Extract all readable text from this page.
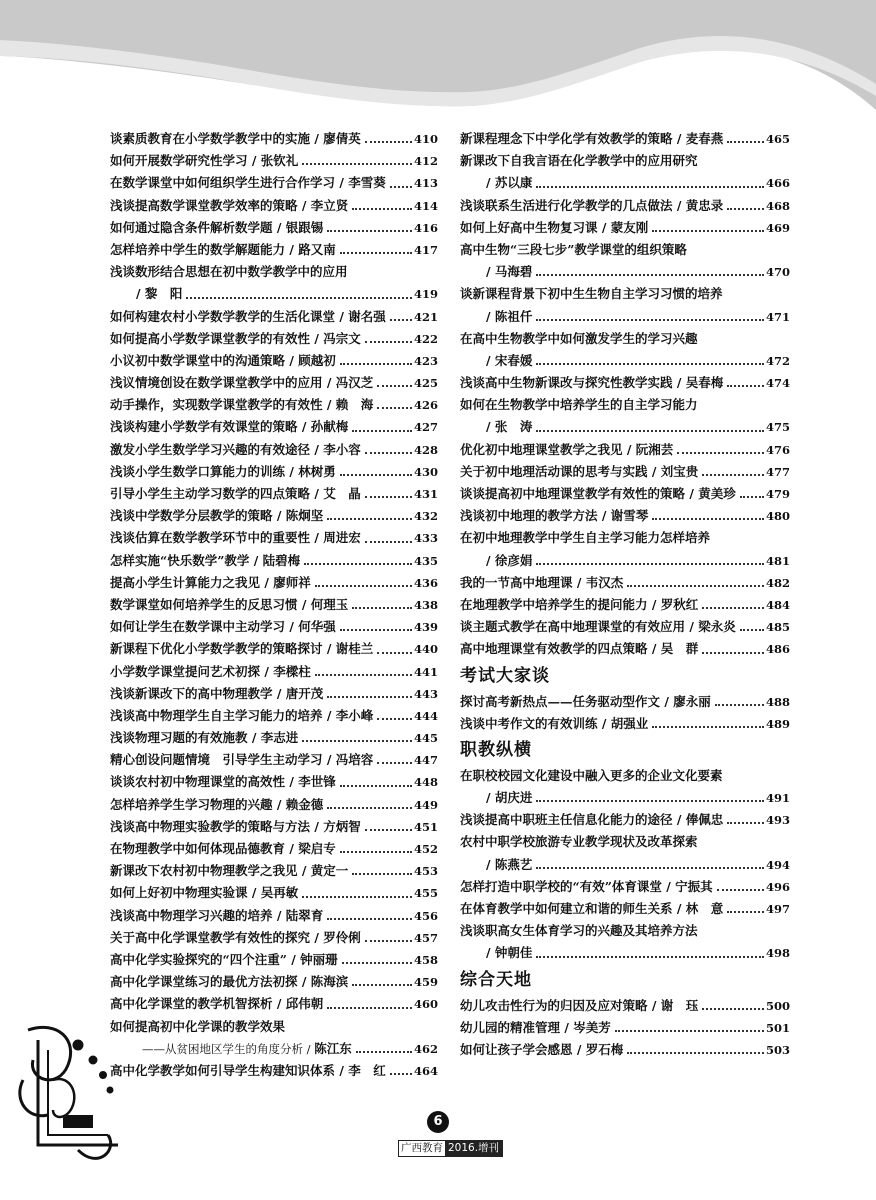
谈素质教育在小学数学教学中的实施 / 廖倩英	410
如何开展数学研究性学习 / 张钦礼	412
在数学课堂中如何组织学生进行合作学习 / 李雪葵 413
浅谈提高数学课堂教学效率的策略 / 李立贤	414
如何通过隐含条件解析数学题 / 银跟锡	416
怎样培养中学生的数学解题能力 / 路又南	417
浅谈数形结合思想在初中数学教学中的应用
/ 黎　阳	419
如何构建农村小学数学教学的生活化课堂 / 谢名强 421
如何提高小学数学课堂教学的有效性 / 冯宗文	422
小议初中数学课堂中的沟通策略 / 顾越初	423
浅议情境创设在数学课堂教学中的应用 / 冯汉芝	425
动手操作，实现数学课堂教学的有效性 / 赖　海	426
浅谈构建小学数学有效课堂的策略 / 孙献梅	427
激发小学生数学学习兴趣的有效途径 / 李小容	428
浅谈小学生数学口算能力的训练 / 林树勇	430
引导小学生主动学习数学的四点策略 / 艾　晶	431
浅谈中学数学分层教学的策略 / 陈炯坚	432
浅谈估算在数学教学环节中的重要性 / 周进宏	433
怎样实施“快乐数学”教学 / 陆碧梅	435
提高小学生计算能力之我见 / 廖师祥	436
数学课堂如何培养学生的反思习惯 / 何理玉	438
如何让学生在数学课中主动学习 / 何华强	439
新课程下优化小学数学教学的策略探讨 / 谢桂兰	440
小学数学课堂提问艺术初探 / 李樑柱	441
浅谈新课改下的高中物理教学 / 唐开茂	443
浅谈高中物理学生自主学习能力的培养 / 李小峰	444
浅谈物理习题的有效施教 / 李志进	445
精心创设问题情境　引导学生主动学习 / 冯培容	447
谈谈农村初中物理课堂的高效性 / 李世锋	448
怎样培养学生学习物理的兴趣 / 赖金德	449
浅谈高中物理实验教学的策略与方法 / 方炳智	451
在物理教学中如何体现品德教育 / 梁启专	452
新课改下农村初中物理教学之我见 / 黄定一	453
如何上好初中物理实验课 / 吴再敏	455
浅谈高中物理学习兴趣的培养 / 陆翠育	456
关于高中化学课堂教学有效性的探究 / 罗伶俐	457
高中化学实验探究的“四个注重” / 钟丽珊	458
高中化学课堂练习的最优方法初探 / 陈海滨	459
高中化学课堂的教学机智探析 / 邱伟朝	460
如何提高初中化学课的教学效果
——从贫困地区学生的角度分析 / 陈江东	462
高中化学教学如何引导学生构建知识体系 / 李　红 464
新课程理念下中学化学有效教学的策略 / 麦春燕	465
新课改下自我言语在化学教学中的应用研究
/ 苏以康	466
浅谈联系生活进行化学教学的几点做法 / 黄忠录	468
如何上好高中生物复习课 / 蒙友刚	469
高中生物“三段七步”教学课堂的组织策略
/ 马海碧	470
谈新课程背景下初中生生物自主学习习惯的培养
/ 陈祖仟	471
在高中生物教学中如何激发学生的学习兴趣
/ 宋春媛	472
浅谈高中生物新课改与探究性教学实践 / 吴春梅	474
如何在生物教学中培养学生的自主学习能力
/ 张　涛	475
优化初中地理课堂教学之我见 / 阮湘芸	476
关于初中地理活动课的思考与实践 / 刘宝贵	477
谈谈提高初中地理课堂教学有效性的策略 / 黄美珍	479
浅谈初中地理的教学方法 / 谢雪琴	480
在初中地理教学中学生自主学习能力怎样培养
/ 徐彦娟	481
我的一节高中地理课 / 韦汉杰	482
在地理教学中培养学生的提问能力 / 罗秋红	484
谈主题式教学在高中地理课堂的有效应用 / 梁永炎	485
高中地理课堂有效教学的四点策略 / 吴　群	486
考试大家谈
探讨高考新热点——任务驱动型作文 / 廖永丽	488
浅谈中考作文的有效训练 / 胡强业	489
职教纵横
在职校校园文化建设中融入更多的企业文化要素
/ 胡庆进	491
浅谈提高中职班主任信息化能力的途径 / 俸佩忠	493
农村中职学校旅游专业教学现状及改革探索
/ 陈燕艺	494
怎样打造中职学校的“有效”体育课堂 / 宁振其	496
在体育教学中如何建立和谐的师生关系 / 林　意	497
浅谈职高女生体育学习的兴趣及其培养方法
/ 钟朝佳	498
综合天地
幼儿攻击性行为的归因及应对策略 / 谢　珏	500
幼儿园的精准管理 / 岑美芳	501
如何让孩子学会感恩 / 罗石梅	503
6
广西教育 2016.增刊
